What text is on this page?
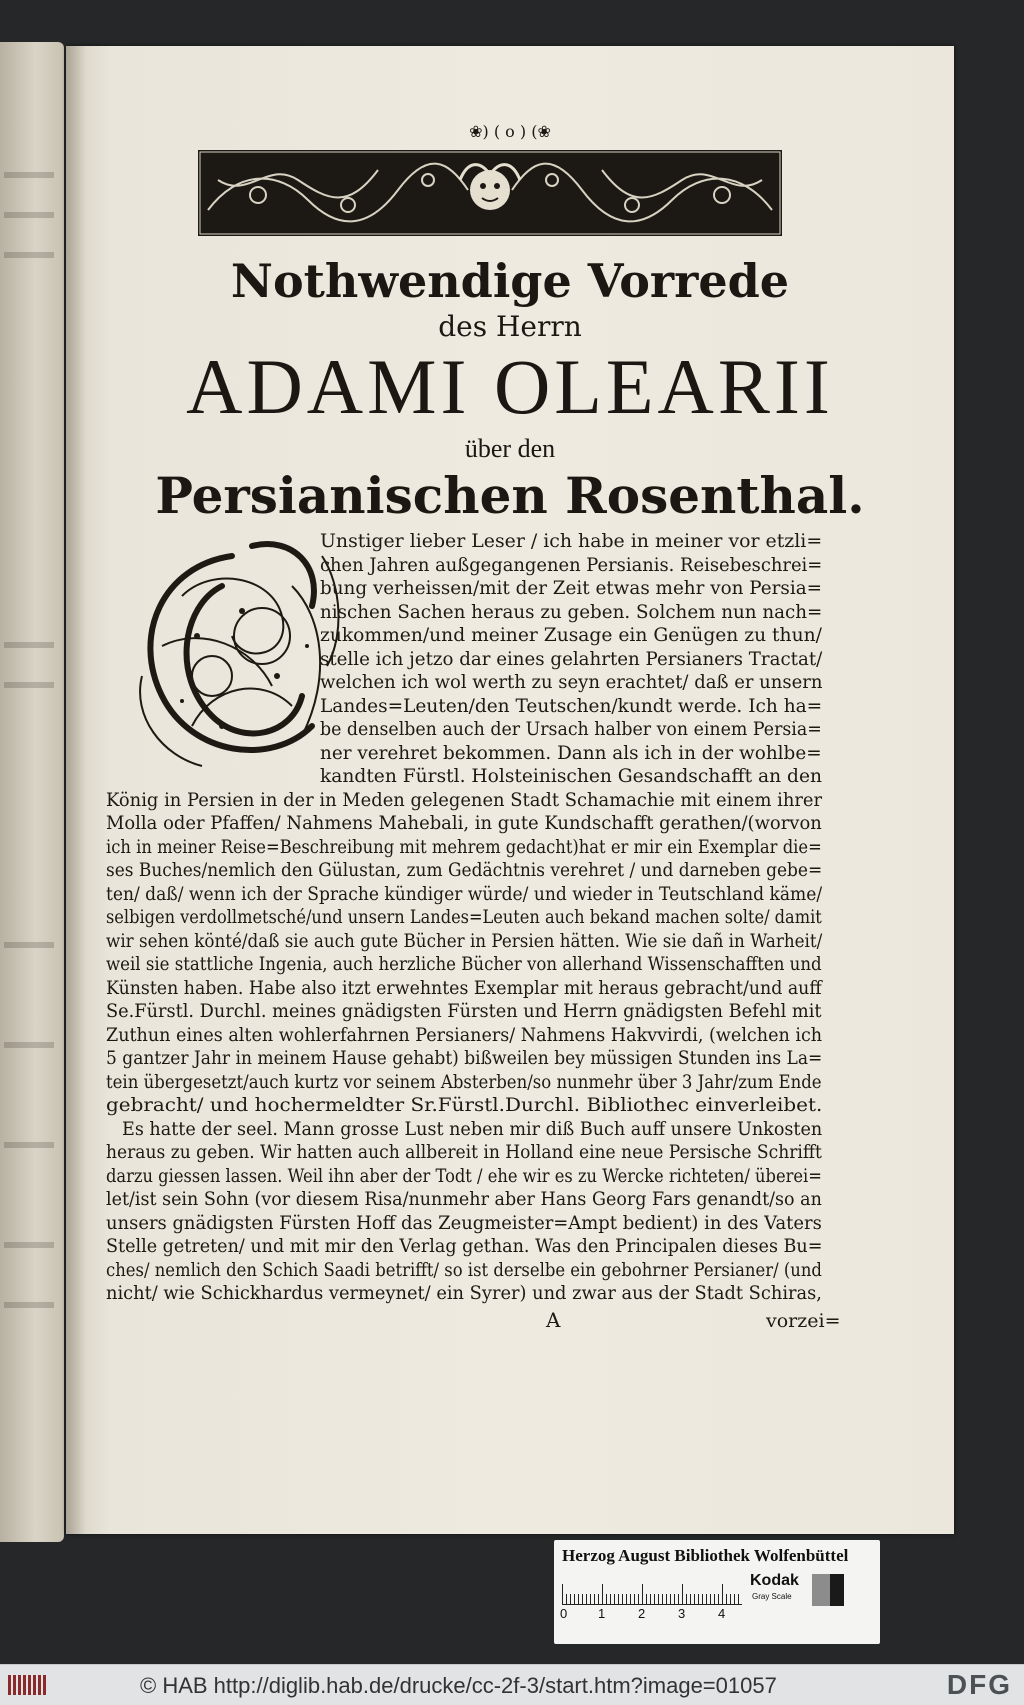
❀) ( o ) (❀
Nothwendige Vorrede
des Herrn
ADAMI OLEARII
über den
Persianischen Rosenthal.
A	vorzei=
Unstiger lieber Leser / ich habe in meiner vor etzli=
chen Jahren außgegangenen Persianis. Reisebeschrei=
bung verheissen/mit der Zeit etwas mehr von Persia=
nischen Sachen heraus zu geben. Solchem nun nach=
zukommen/und meiner Zusage ein Genügen zu thun/
stelle ich jetzo dar eines gelahrten Persianers Tractat/
welchen ich wol werth zu seyn erachtet/ daß er unsern
Landes=Leuten/den Teutschen/kundt werde. Ich ha=
be denselben auch der Ursach halber von einem Persia=
ner verehret bekommen. Dann als ich in der wohlbe=
kandten Fürstl. Holsteinischen Gesandschafft an den
König in Persien in der in Meden gelegenen Stadt Schamachie mit einem ihrer
Molla oder Pfaffen/ Nahmens Mahebali, in gute Kundschafft gerathen/(worvon
ich in meiner Reise=Beschreibung mit mehrem gedacht)hat er mir ein Exemplar die=
ses Buches/nemlich den Gülustan, zum Gedächtnis verehret / und darneben gebe=
ten/ daß/ wenn ich der Sprache kündiger würde/ und wieder in Teutschland käme/
selbigen verdollmetsché/und unsern Landes=Leuten auch bekand machen solte/ damit
wir sehen könté/daß sie auch gute Bücher in Persien hätten. Wie sie dañ in Warheit/
weil sie stattliche Ingenia, auch herzliche Bücher von allerhand Wissenschafften und
Künsten haben. Habe also itzt erwehntes Exemplar mit heraus gebracht/und auff
Se.Fürstl. Durchl. meines gnädigsten Fürsten und Herrn gnädigsten Befehl mit
Zuthun eines alten wohlerfahrnen Persianers/ Nahmens Hakvvirdi, (welchen ich
5 gantzer Jahr in meinem Hause gehabt) bißweilen bey müssigen Stunden ins La=
tein übergesetzt/auch kurtz vor seinem Absterben/so nunmehr über 3 Jahr/zum Ende
gebracht/ und hochermeldter Sr.Fürstl.Durchl. Bibliothec einverleibet.
Es hatte der seel. Mann grosse Lust neben mir diß Buch auff unsere Unkosten
heraus zu geben. Wir hatten auch allbereit in Holland eine neue Persische Schrifft
darzu giessen lassen. Weil ihn aber der Todt / ehe wir es zu Wercke richteten/ überei=
let/ist sein Sohn (vor diesem Risa/nunmehr aber Hans Georg Fars genandt/so an
unsers gnädigsten Fürsten Hoff das Zeugmeister=Ampt bedient) in des Vaters
Stelle getreten/ und mit mir den Verlag gethan. Was den Principalen dieses Bu=
ches/ nemlich den Schich Saadi betrifft/ so ist derselbe ein gebohrner Persianer/ (und
nicht/ wie Schickhardus vermeynet/ ein Syrer) und zwar aus der Stadt Schiras,
Herzog August Bibliothek Wolfenbüttel
0 1	2	3	4
Kodak
Gray Scale
© HAB http://diglib.hab.de/drucke/cc-2f-3/start.htm?image=01057	DFG
